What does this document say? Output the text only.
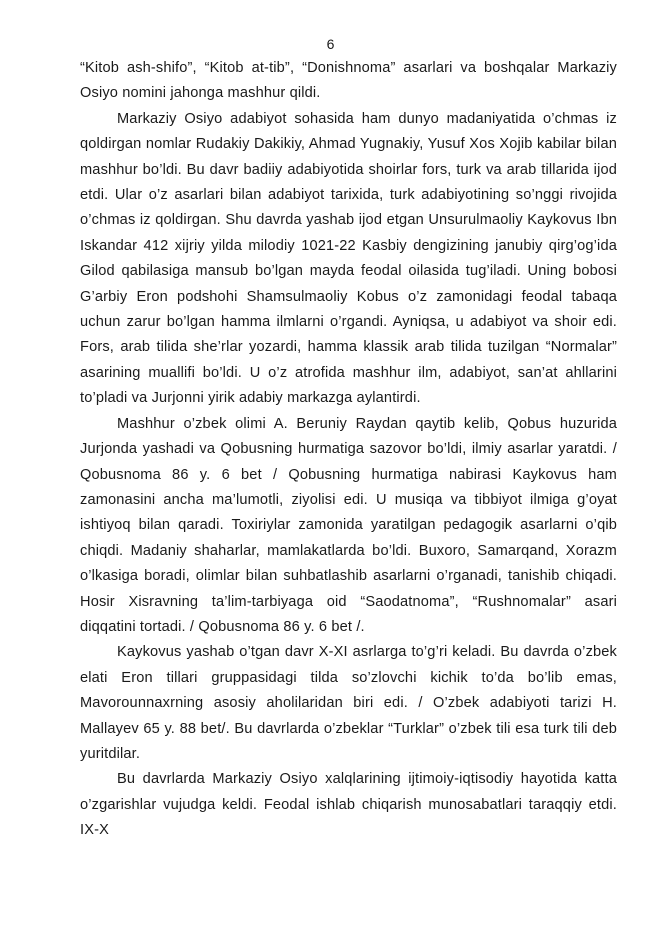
6

“Kitob ash-shifo”, “Kitob at-tib”, “Donishnoma” asarlari va boshqalar Markaziy Osiyo nomini jahonga mashhur qildi.

Markaziy Osiyo adabiyot sohasida ham dunyo madaniyatida o’chmas iz qoldirgan nomlar Rudakiy Dakikiy, Ahmad Yugnakiy, Yusuf Xos Xojib kabilar bilan mashhur bo’ldi. Bu davr badiiy adabiyotida shoirlar fors, turk va arab tillarida ijod etdi. Ular o’z asarlari bilan adabiyot tarixida, turk adabiyotining so’nggi rivojida o’chmas iz qoldirgan. Shu davrda yashab ijod etgan Unsurulmaoliy Kaykovus Ibn Iskandar 412 xijriy yilda milodiy 1021-22 Kasbiy dengizining janubiy qirg’og’ida Gilod qabilasiga mansub bo’lgan mayda feodal oilasida tug’iladi. Uning bobosi G’arbiy Eron podshohi Shamsulmaoliy Kobus o’z zamonidagi feodal tabaqa uchun zarur bo’lgan hamma ilmlarni o’rgandi. Ayniqsa, u adabiyot va shoir edi. Fors, arab tilida she’rlar yozardi, hamma klassik arab tilida tuzilgan “Normalar” asarining muallifi bo’ldi. U o’z atrofida mashhur ilm, adabiyot, san’at ahllarini to’pladi va Jurjonni yirik adabiy markazga aylantirdi.

Mashhur o’zbek olimi A. Beruniy Raydan qaytib kelib, Qobus huzurida Jurjonda yashadi va Qobusning hurmatiga sazovor bo’ldi, ilmiy asarlar yaratdi. / Qobusnoma 86 y. 6 bet / Qobusning hurmatiga nabirasi Kaykovus ham zamonasini ancha ma’lumotli, ziyolisi edi. U musiqa va tibbiyot ilmiga g’oyat ishtiyoq bilan qaradi. Toxiriylar zamonida yaratilgan pedagogik asarlarni o’qib chiqdi. Madaniy shaharlar, mamlakatlarda bo’ldi. Buxoro, Samarqand, Xorazm o’lkasiga boradi, olimlar bilan suhbatlashib asarlarni o’rganadi, tanishib chiqadi. Hosir Xisravning ta’lim-tarbiyaga oid “Saodatnoma”, “Rushnomalar” asari diqqatini tortadi. / Qobusnoma 86 y. 6 bet /.

Kaykovus yashab o’tgan davr X-XI asrlarga to’g’ri keladi. Bu davrda o’zbek elati Eron tillari gruppasidagi tilda so’zlovchi kichik to’da bo’lib emas, Mavorounnaxrning asosiy aholilaridan biri edi. / O’zbek adabiyoti tarizi H. Mallayev 65 y. 88 bet/. Bu davrlarda o’zbeklar “Turklar” o’zbek tili esa turk tili deb yuritdilar.

Bu davrlarda Markaziy Osiyo xalqlarining ijtimoiy-iqtisodiy hayotida katta o’zgarishlar vujudga keldi. Feodal ishlab chiqarish munosabatlari taraqqiy etdi. IX-X
